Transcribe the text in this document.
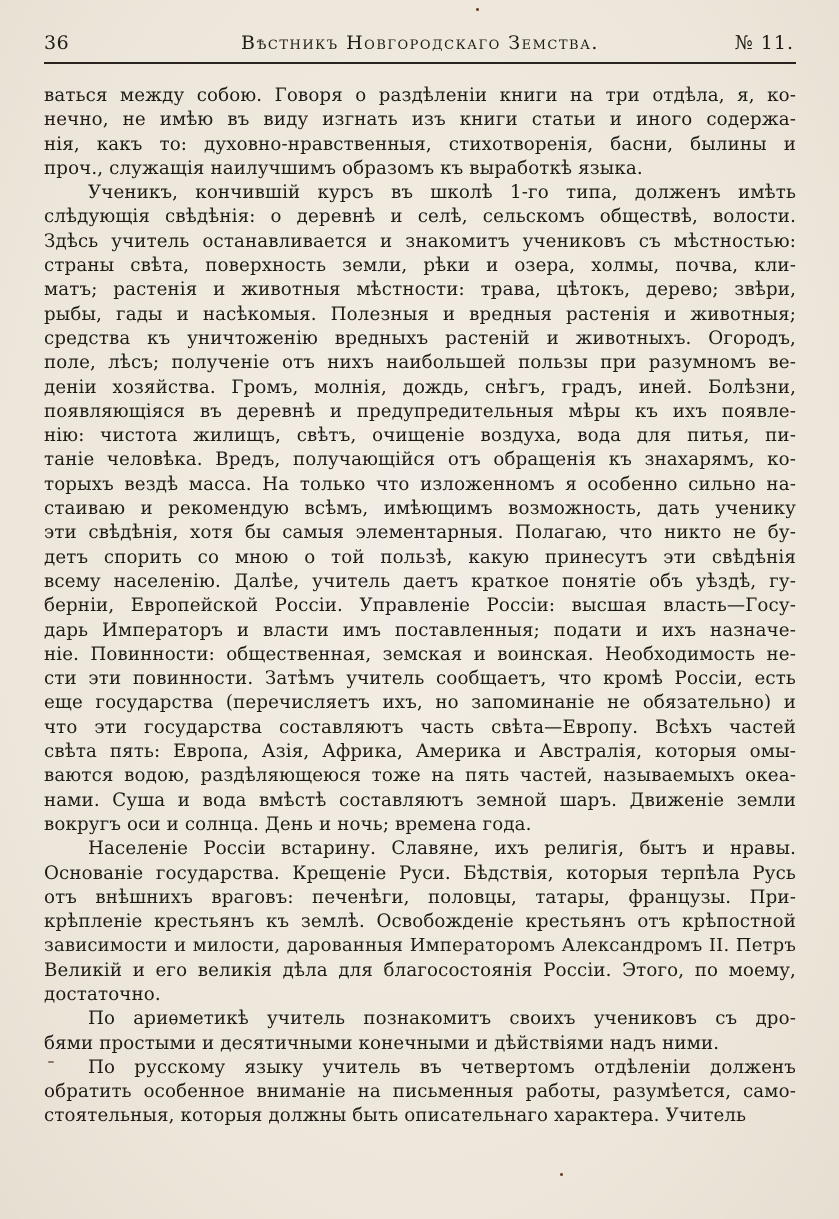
36	Вѣстникъ Новгородскаго Земства.	№ 11.
ваться между собою. Говоря о раздѣленіи книги на три отдѣла, я, ко-
нечно, не имѣю въ виду изгнать изъ книги статьи и иного содержа-
нія, какъ то: духовно-нравственныя, стихотворенія, басни, былины и
проч., служащія наилучшимъ образомъ къ выработкѣ языка.
Ученикъ, кончившій курсъ въ школѣ 1-го типа, долженъ имѣть
слѣдующія свѣдѣнія: о деревнѣ и селѣ, сельскомъ обществѣ, волости.
Здѣсь учитель останавливается и знакомитъ учениковъ съ мѣстностью:
страны свѣта, поверхность земли, рѣки и озера, холмы, почва, кли-
матъ; растенія и животныя мѣстности: трава, цѣтокъ, дерево; звѣри,
рыбы, гады и насѣкомыя. Полезныя и вредныя растенія и животныя;
средства къ уничтоженію вредныхъ растеній и животныхъ. Огородъ,
поле, лѣсъ; полученіе отъ нихъ наибольшей пользы при разумномъ ве-
деніи хозяйства. Громъ, молнія, дождь, снѣгъ, градъ, иней. Болѣзни,
появляющіяся въ деревнѣ и предупредительныя мѣры къ ихъ появле-
нію: чистота жилищъ, свѣтъ, очищеніе воздуха, вода для питья, пи-
таніе человѣка. Вредъ, получающійся отъ обращенія къ знахарямъ, ко-
торыхъ вездѣ масса. На только что изложенномъ я особенно сильно на-
стаиваю и рекомендую всѣмъ, имѣющимъ возможность, дать ученику
эти свѣдѣнія, хотя бы самыя элементарныя. Полагаю, что никто не бу-
детъ спорить со мною о той пользѣ, какую принесутъ эти свѣдѣнія
всему населенію. Далѣе, учитель даетъ краткое понятіе объ уѣздѣ, гу-
берніи, Европейской Россіи. Управленіе Россіи: высшая власть—Госу-
дарь Императоръ и власти имъ поставленныя; подати и ихъ назначе-
ніе. Повинности: общественная, земская и воинская. Необходимость не-
сти эти повинности. Затѣмъ учитель сообщаетъ, что кромѣ Россіи, есть
еще государства (перечисляетъ ихъ, но запоминаніе не обязательно) и
что эти государства составляютъ часть свѣта—Европу. Всѣхъ частей
свѣта пять: Европа, Азія, Африка, Америка и Австралія, которыя омы-
ваются водою, раздѣляющеюся тоже на пять частей, называемыхъ океа-
нами. Суша и вода вмѣстѣ составляютъ земной шаръ. Движеніе земли
вокругъ оси и солнца. День и ночь; времена года.
Населеніе Россіи встарину. Славяне, ихъ религія, бытъ и нравы.
Основаніе государства. Крещеніе Руси. Бѣдствія, которыя терпѣла Русь
отъ внѣшнихъ враговъ: печенѣги, половцы, татары, французы. При-
крѣпленіе крестьянъ къ землѣ. Освобожденіе крестьянъ отъ крѣпостной
зависимости и милости, дарованныя Императоромъ Александромъ II. Петръ
Великій и его великія дѣла для благосостоянія Россіи. Этого, по моему,
достаточно.
По ариѳметикѣ учитель познакомитъ своихъ учениковъ съ дро-
бями простыми и десятичными конечными и дѣйствіями надъ ними.
По русскому языку учитель въ четвертомъ отдѣленіи долженъ
обратить особенное вниманіе на письменныя работы, разумѣется, само-
стоятельныя, которыя должны быть описательнаго характера. Учитель
